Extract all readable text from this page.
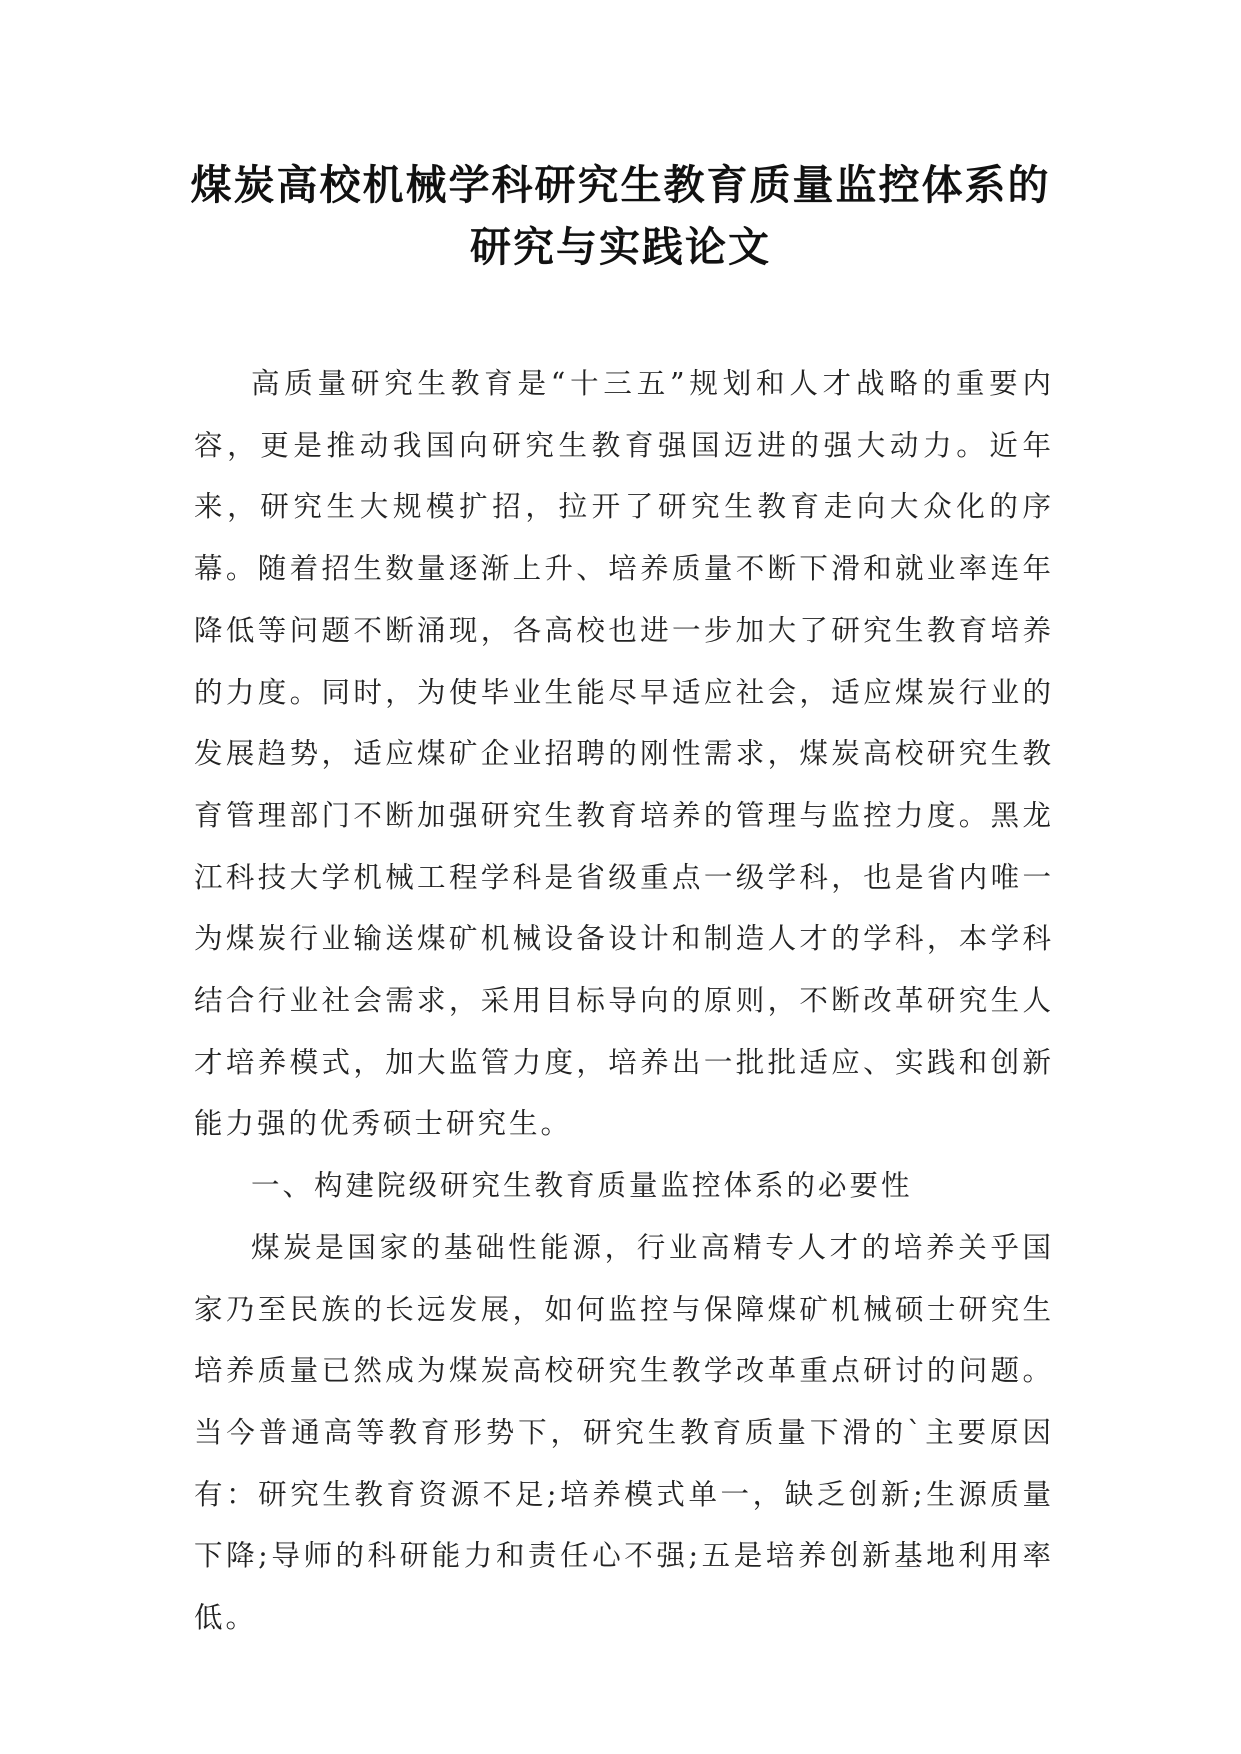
煤炭高校机械学科研究生教育质量监控体系的研究与实践论文

高质量研究生教育是“十三五”规划和人才战略的重要内容，更是推动我国向研究生教育强国迈进的强大动力。近年来，研究生大规模扩招，拉开了研究生教育走向大众化的序幕。随着招生数量逐渐上升、培养质量不断下滑和就业率连年降低等问题不断涌现，各高校也进一步加大了研究生教育培养的力度。同时，为使毕业生能尽早适应社会，适应煤炭行业的发展趋势，适应煤矿企业招聘的刚性需求，煤炭高校研究生教育管理部门不断加强研究生教育培养的管理与监控力度。黑龙江科技大学机械工程学科是省级重点一级学科，也是省内唯一为煤炭行业输送煤矿机械设备设计和制造人才的学科，本学科结合行业社会需求，采用目标导向的原则，不断改革研究生人才培养模式，加大监管力度，培养出一批批适应、实践和创新能力强的优秀硕士研究生。

一、构建院级研究生教育质量监控体系的必要性

煤炭是国家的基础性能源，行业高精专人才的培养关乎国家乃至民族的长远发展，如何监控与保障煤矿机械硕士研究生培养质量已然成为煤炭高校研究生教学改革重点研讨的问题。当今普通高等教育形势下，研究生教育质量下滑的`主要原因有：研究生教育资源不足;培养模式单一，缺乏创新;生源质量下降;导师的科研能力和责任心不强;五是培养创新基地利用率低。
